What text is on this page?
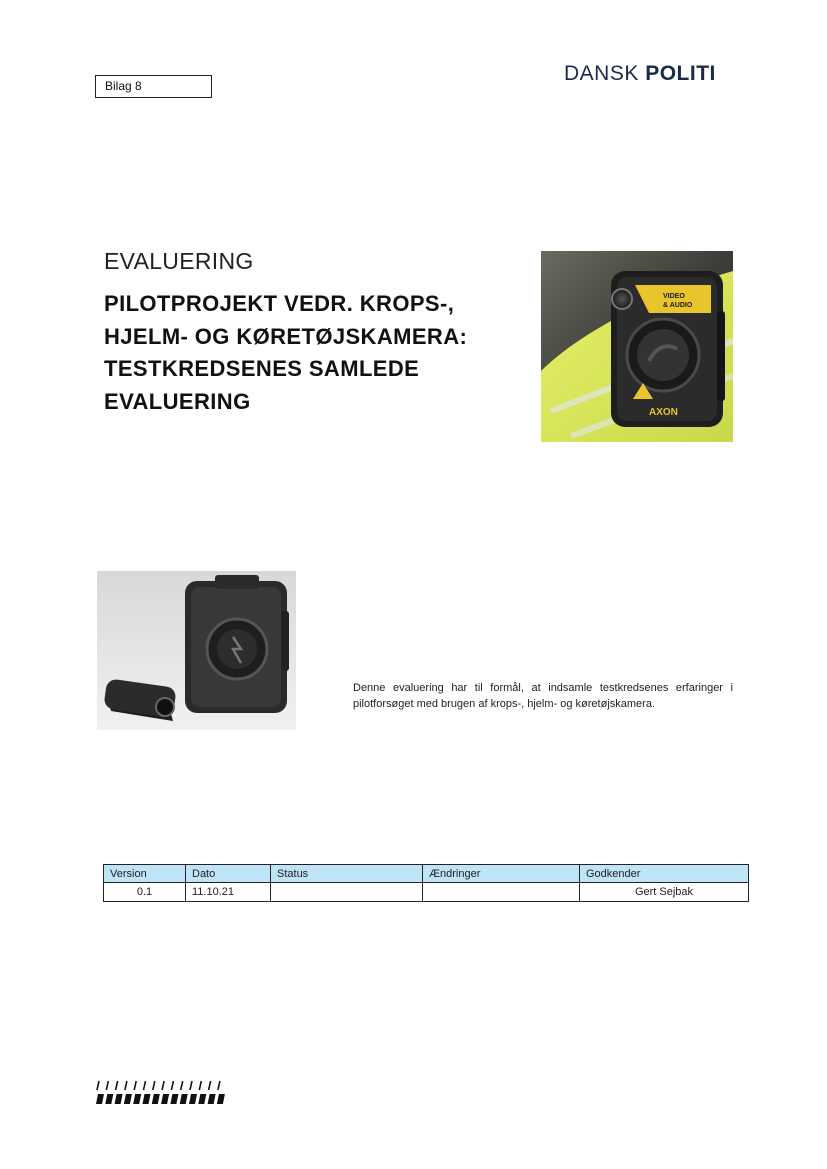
Bilag 8
DANSK POLITI
EVALUERING
PILOTPROJEKT VEDR. KROPS-,
HJELM- OG KØRETØJSKAMERA:
TESTKREDSENES SAMLEDE
EVALUERING
VIDEO
& AUDIO
AXON
Denne evaluering har til formål, at indsamle testkredsenes erfaringer i pilotforsøget med brugen af krops-, hjelm- og køretøjskamera.
Version	Dato	Status	Ændringer	Godkender
0.1	11.10.21			Gert Sejbak
